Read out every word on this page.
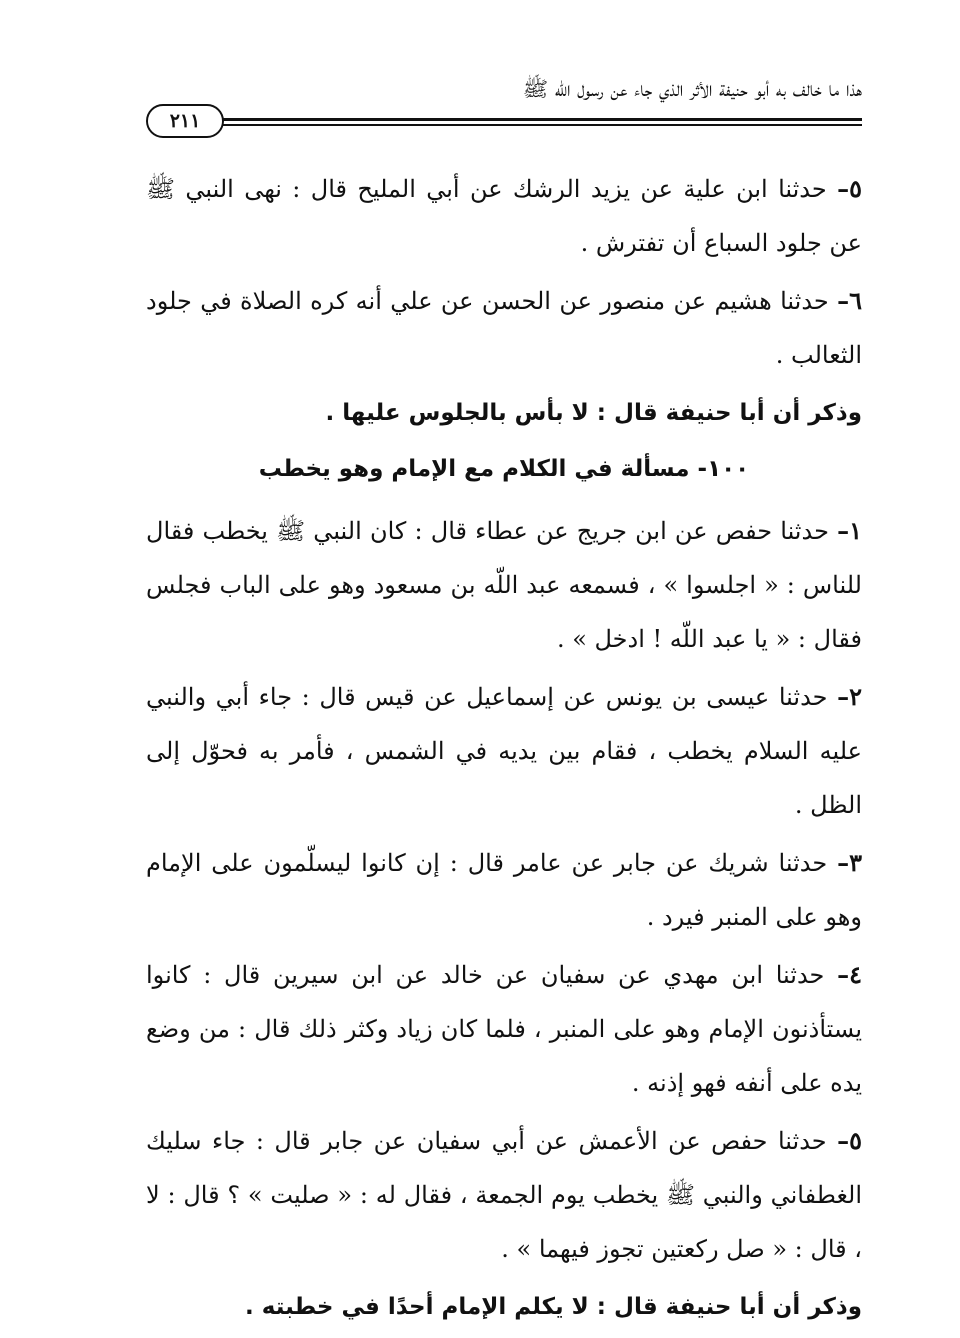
هذا ما خالف به أبو حنيفة الأثر الذي جاء عن رسول اللّه ﷺ
٢١١

٥– حدثنا ابن علية عن يزيد الرشك عن أبي المليح قال : نهى النبي ﷺ عن جلود السباع أن تفترش .

٦– حدثنا هشيم عن منصور عن الحسن عن علي أنه كره الصلاة في جلود الثعالب .

وذكر أن أبا حنيفة قال : لا بأس بالجلوس عليها .

١٠٠- مسألة في الكلام مع الإمام وهو يخطب

١– حدثنا حفص عن ابن جريج عن عطاء قال : كان النبي ﷺ يخطب فقال للناس : « اجلسوا » ، فسمعه عبد اللّه بن مسعود وهو على الباب فجلس فقال : « يا عبد اللّه ! ادخل » .

٢– حدثنا عيسى بن يونس عن إسماعيل عن قيس قال : جاء أبي والنبي عليه السلام يخطب ، فقام بين يديه في الشمس ، فأمر به فحوّل إلى الظل .

٣– حدثنا شريك عن جابر عن عامر قال : إن كانوا ليسلّمون على الإمام وهو على المنبر فيرد .

٤– حدثنا ابن مهدي عن سفيان عن خالد عن ابن سيرين قال : كانوا يستأذنون الإمام وهو على المنبر ، فلما كان زياد وكثر ذلك قال : من وضع يده على أنفه فهو إذنه .

٥– حدثنا حفص عن الأعمش عن أبي سفيان عن جابر قال : جاء سليك الغطفاني والنبي ﷺ يخطب يوم الجمعة ، فقال له : « صليت » ؟ قال : لا ، قال : « صل ركعتين تجوز فيهما » .

وذكر أن أبا حنيفة قال : لا يكلم الإمام أحدًا في خطبته .
